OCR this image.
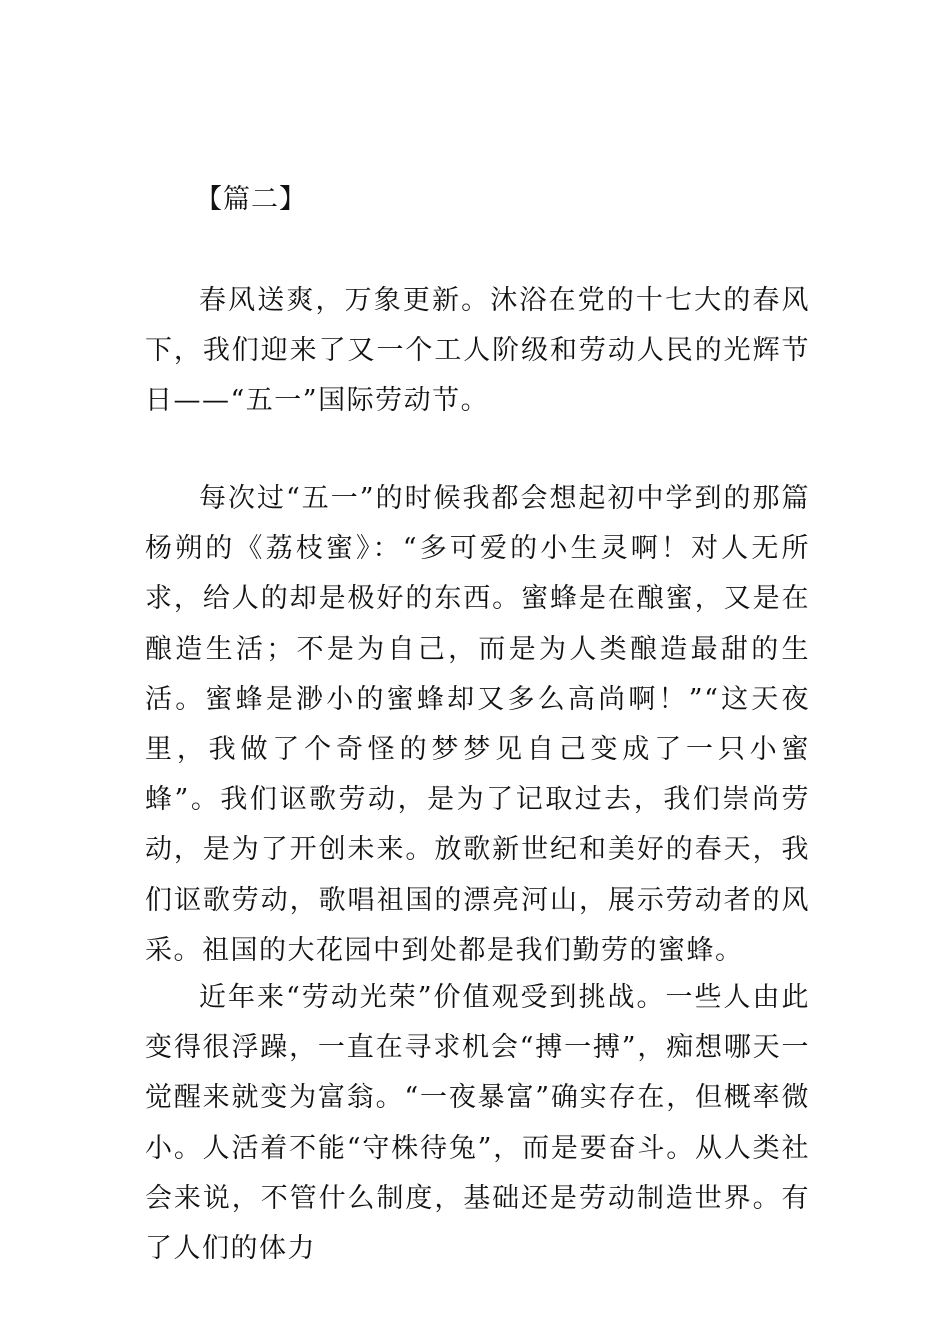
【篇二】

春风送爽，万象更新。沐浴在党的十七大的春风下，我们迎来了又一个工人阶级和劳动人民的光辉节日——“五一”国际劳动节。

每次过“五一”的时候我都会想起初中学到的那篇杨朔的《荔枝蜜》：“多可爱的小生灵啊！对人无所求，给人的却是极好的东西。蜜蜂是在酿蜜，又是在酿造生活；不是为自己，而是为人类酿造最甜的生活。蜜蜂是渺小的蜜蜂却又多么高尚啊！”“这天夜里，我做了个奇怪的梦梦见自己变成了一只小蜜蜂”。我们讴歌劳动，是为了记取过去，我们崇尚劳动，是为了开创未来。放歌新世纪和美好的春天，我们讴歌劳动，歌唱祖国的漂亮河山，展示劳动者的风采。祖国的大花园中到处都是我们勤劳的蜜蜂。

近年来“劳动光荣”价值观受到挑战。一些人由此变得很浮躁，一直在寻求机会“搏一搏”，痴想哪天一觉醒来就变为富翁。“一夜暴富”确实存在，但概率微小。人活着不能“守株待兔”，而是要奋斗。从人类社会来说，不管什么制度，基础还是劳动制造世界。有了人们的体力
